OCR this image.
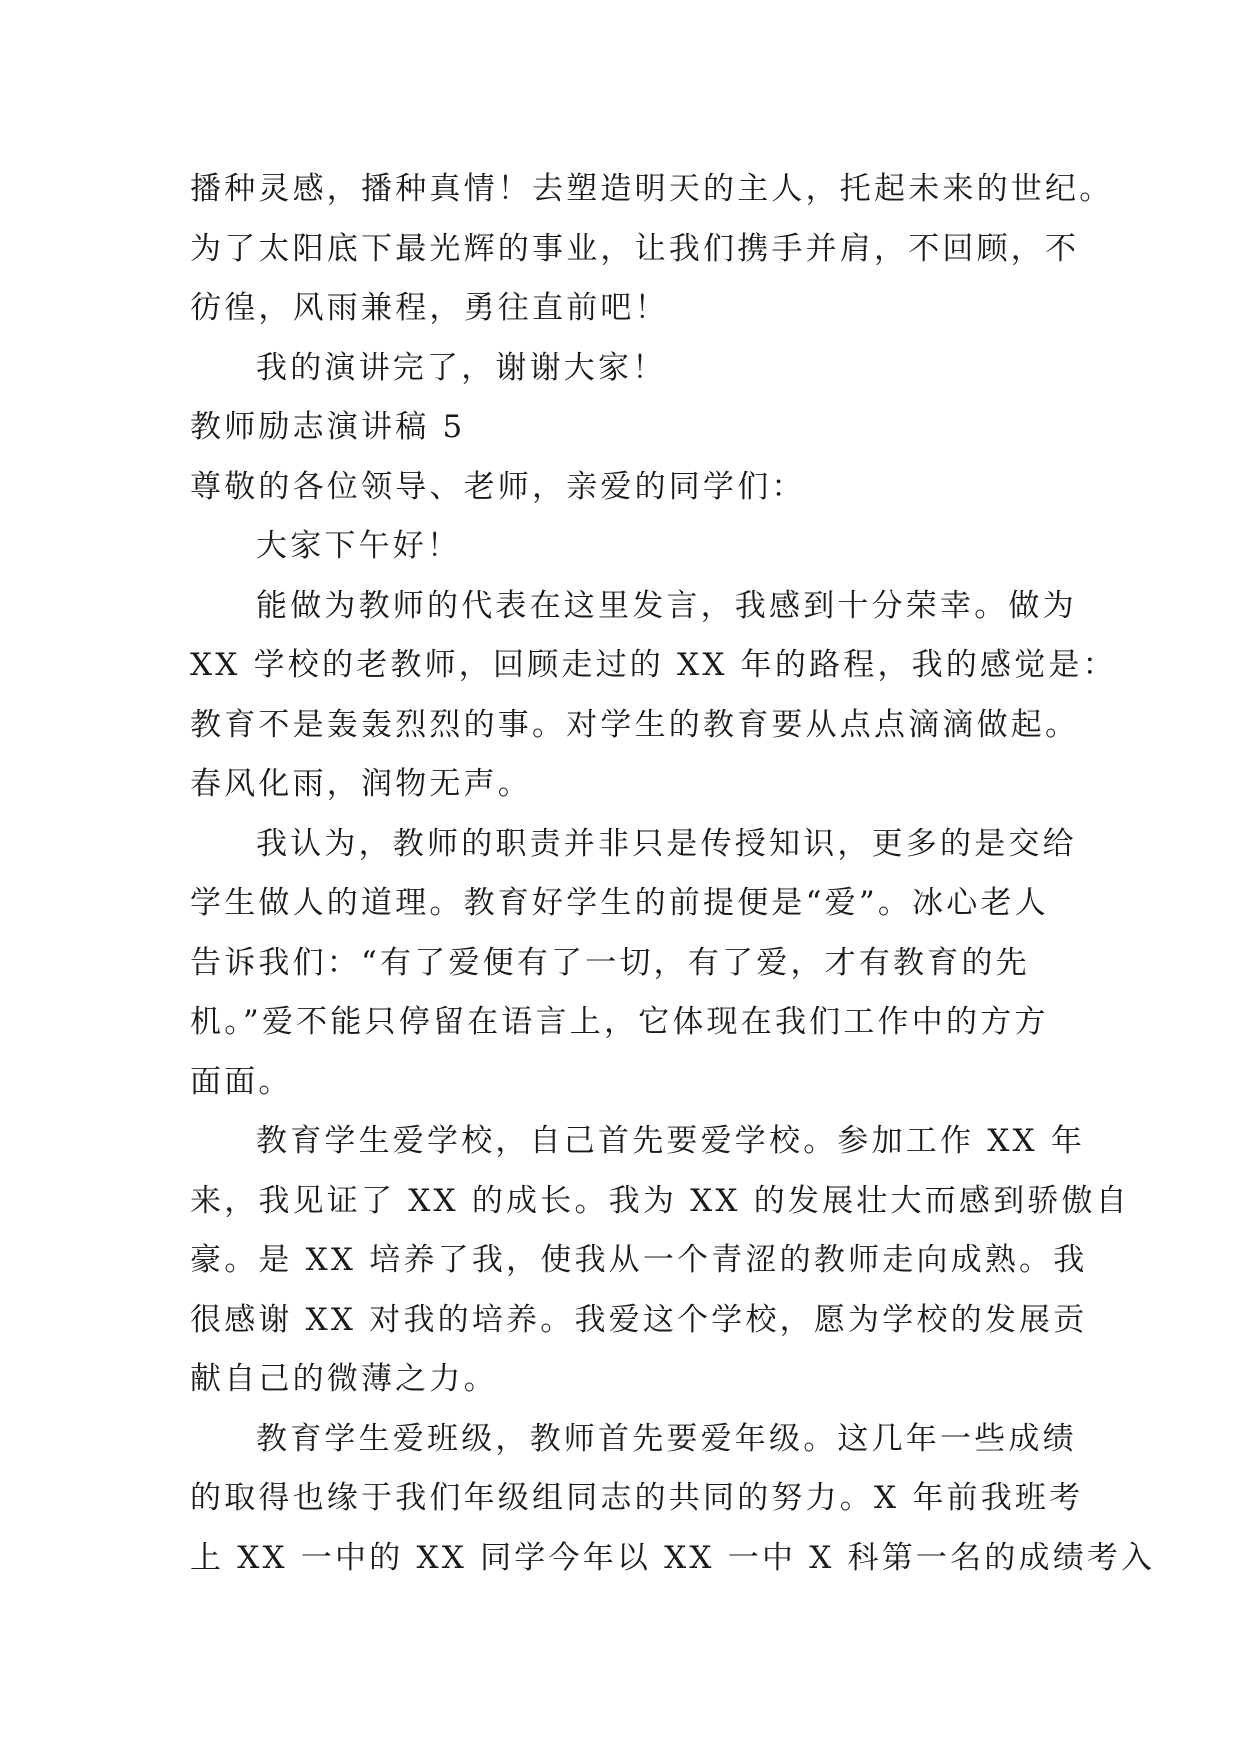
播种灵感，播种真情！去塑造明天的主人，托起未来的世纪。
为了太阳底下最光辉的事业，让我们携手并肩，不回顾，不
彷徨，风雨兼程，勇往直前吧！
我的演讲完了，谢谢大家！
教师励志演讲稿 5
尊敬的各位领导、老师，亲爱的同学们：
大家下午好！
能做为教师的代表在这里发言，我感到十分荣幸。做为
XX 学校的老教师，回顾走过的 XX 年的路程，我的感觉是：
教育不是轰轰烈烈的事。对学生的教育要从点点滴滴做起。
春风化雨，润物无声。
我认为，教师的职责并非只是传授知识，更多的是交给
学生做人的道理。教育好学生的前提便是“爱”。冰心老人
告诉我们：“有了爱便有了一切，有了爱，才有教育的先
机。”爱不能只停留在语言上，它体现在我们工作中的方方
面面。
教育学生爱学校，自己首先要爱学校。参加工作 XX 年
来，我见证了 XX 的成长。我为 XX 的发展壮大而感到骄傲自
豪。是 XX 培养了我，使我从一个青涩的教师走向成熟。我
很感谢 XX 对我的培养。我爱这个学校，愿为学校的发展贡
献自己的微薄之力。
教育学生爱班级，教师首先要爱年级。这几年一些成绩
的取得也缘于我们年级组同志的共同的努力。X 年前我班考
上 XX 一中的 XX 同学今年以 XX 一中 X 科第一名的成绩考入
